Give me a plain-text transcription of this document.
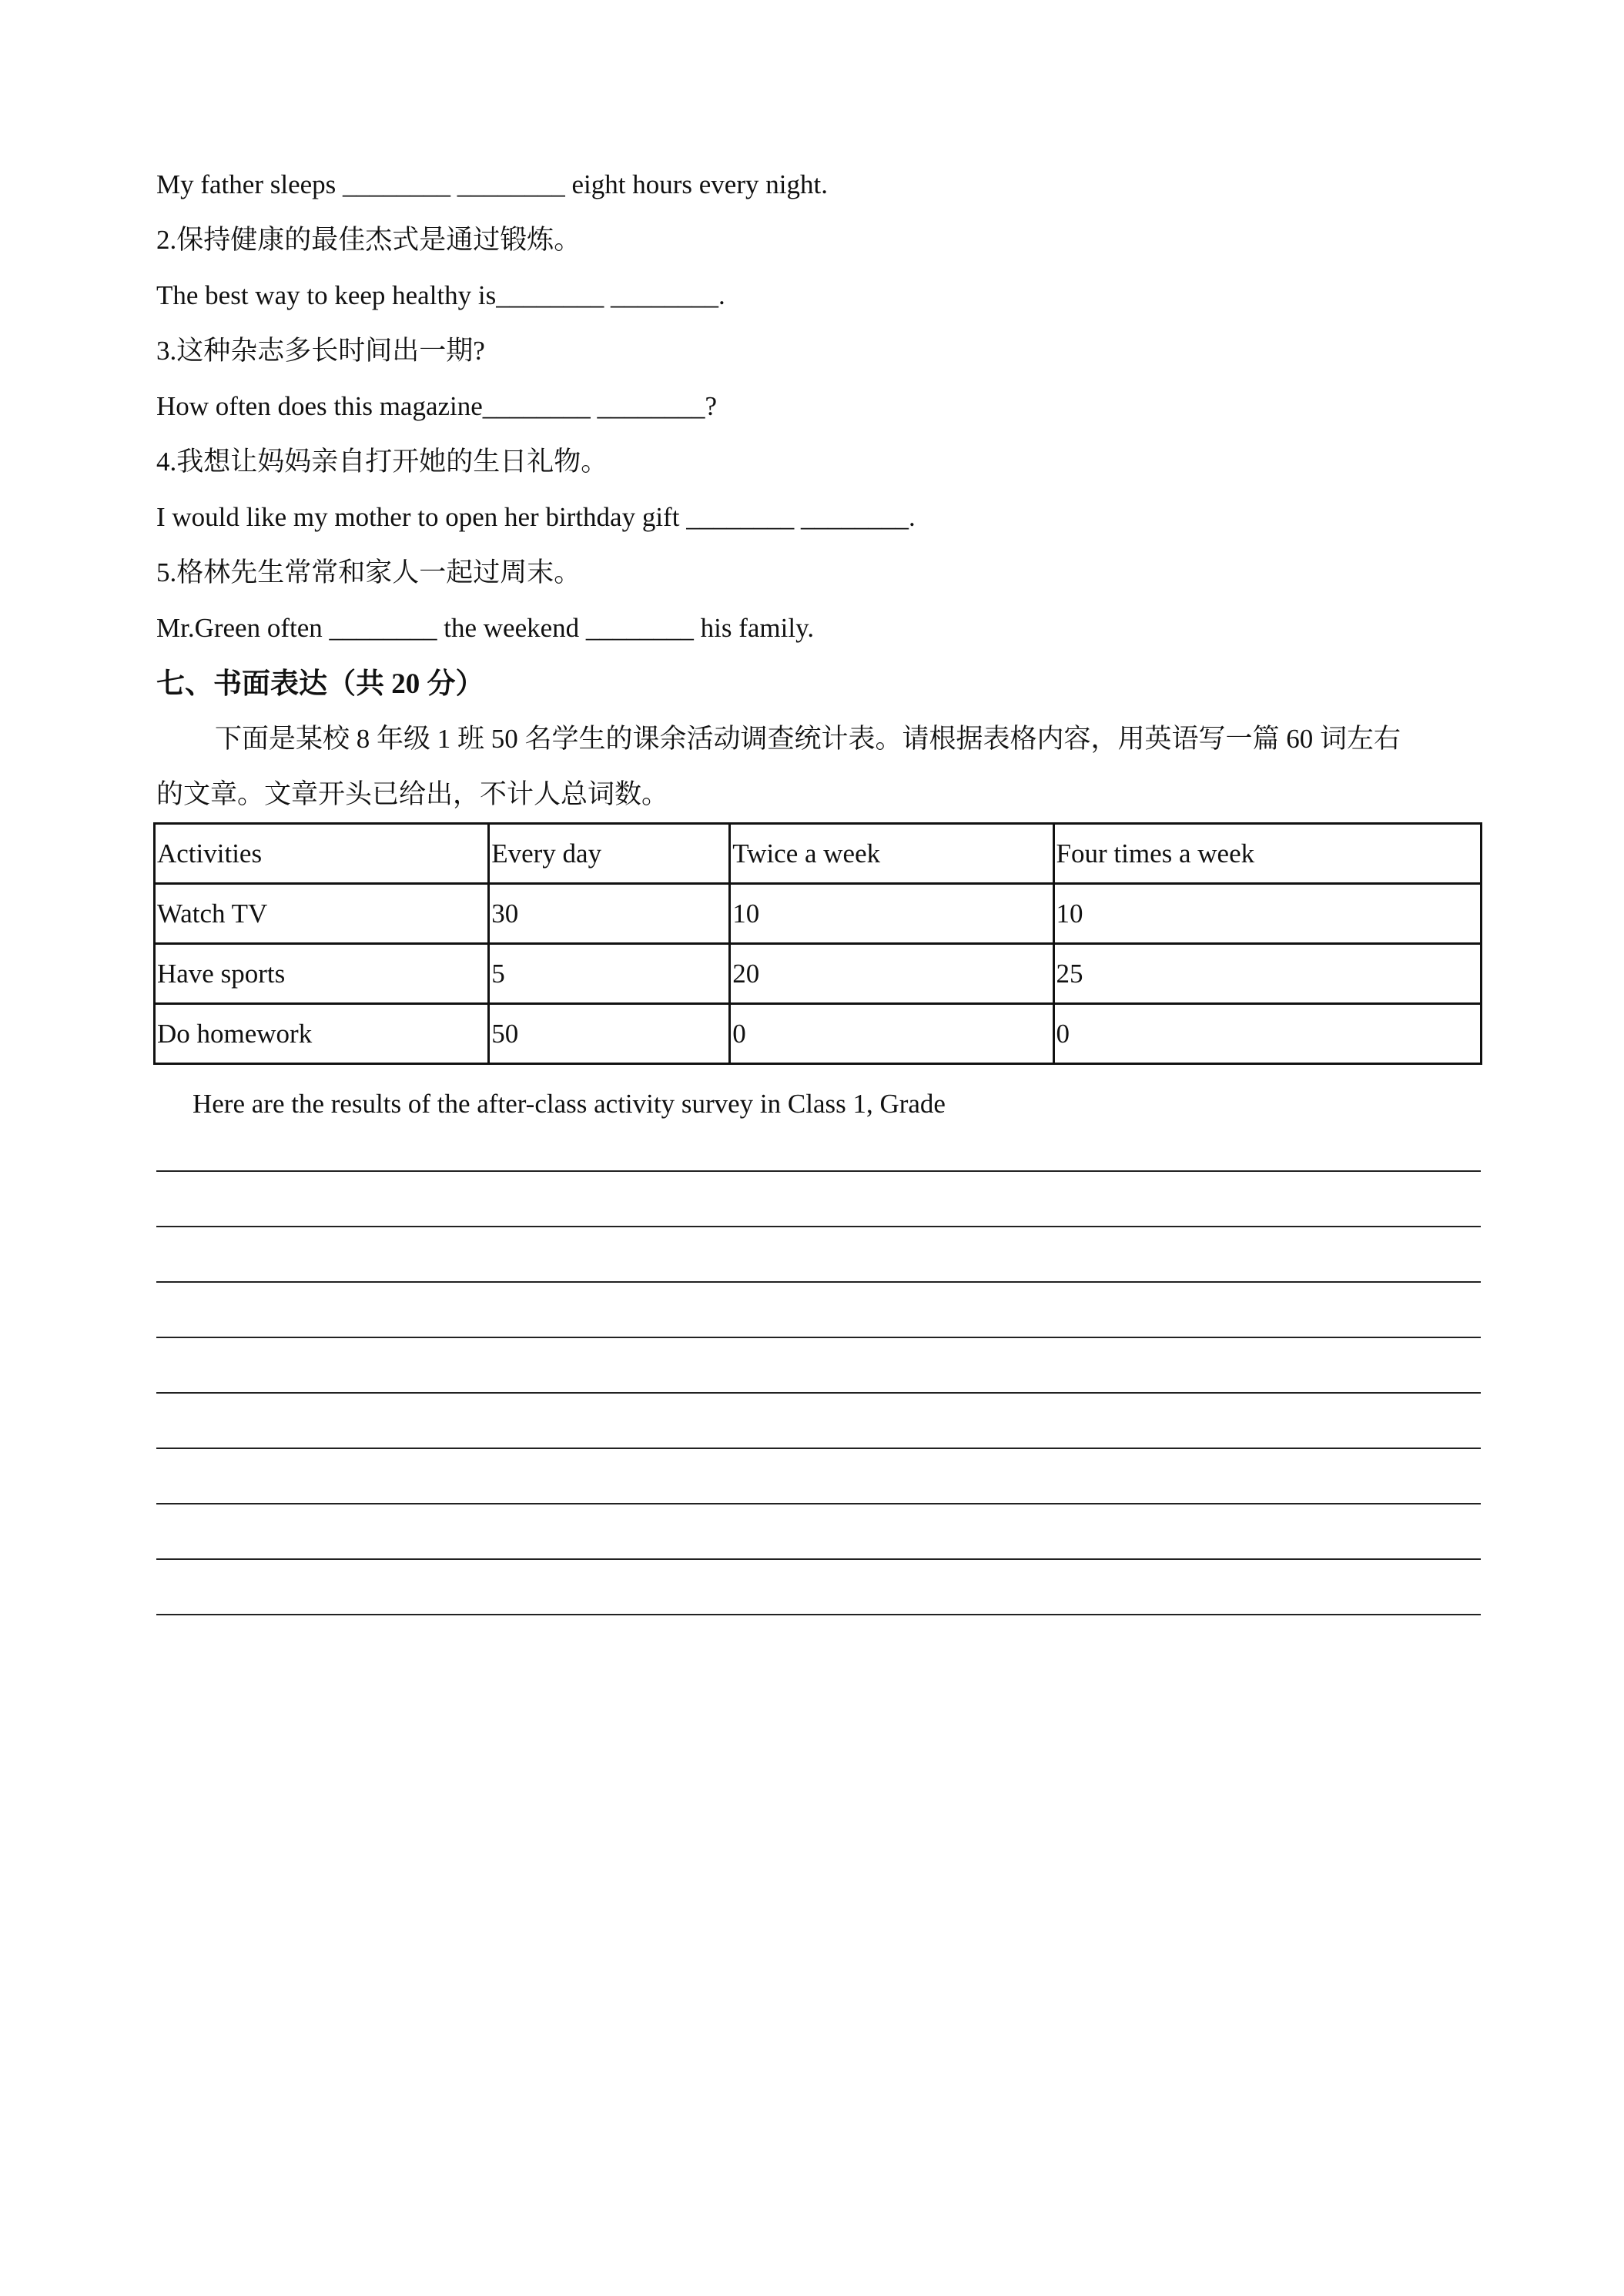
My father sleeps ________ ________ eight hours every night.
2.保持健康的最佳杰式是通过锻炼。
The best way to keep healthy is________ ________.
3.这种杂志多长时间出一期?
How often does this magazine________ ________?
4.我想让妈妈亲自打开她的生日礼物。
I would like my mother to open her birthday gift ________ ________.
5.格林先生常常和家人一起过周末。
Mr.Green often ________ the weekend ________ his family.
七、书面表达（共 20 分）
下面是某校 8 年级 1 班 50 名学生的课余活动调查统计表。请根据表格内容，用英语写一篇 60 词左右
的文章。文章开头已给出，不计人总词数。
Activities	Every day	Twice a week	Four times a week
Watch TV	30	10	10
Have sports	5	20	25
Do homework	50	0	0
Here are the results of the after-class activity survey in Class 1, Grade
